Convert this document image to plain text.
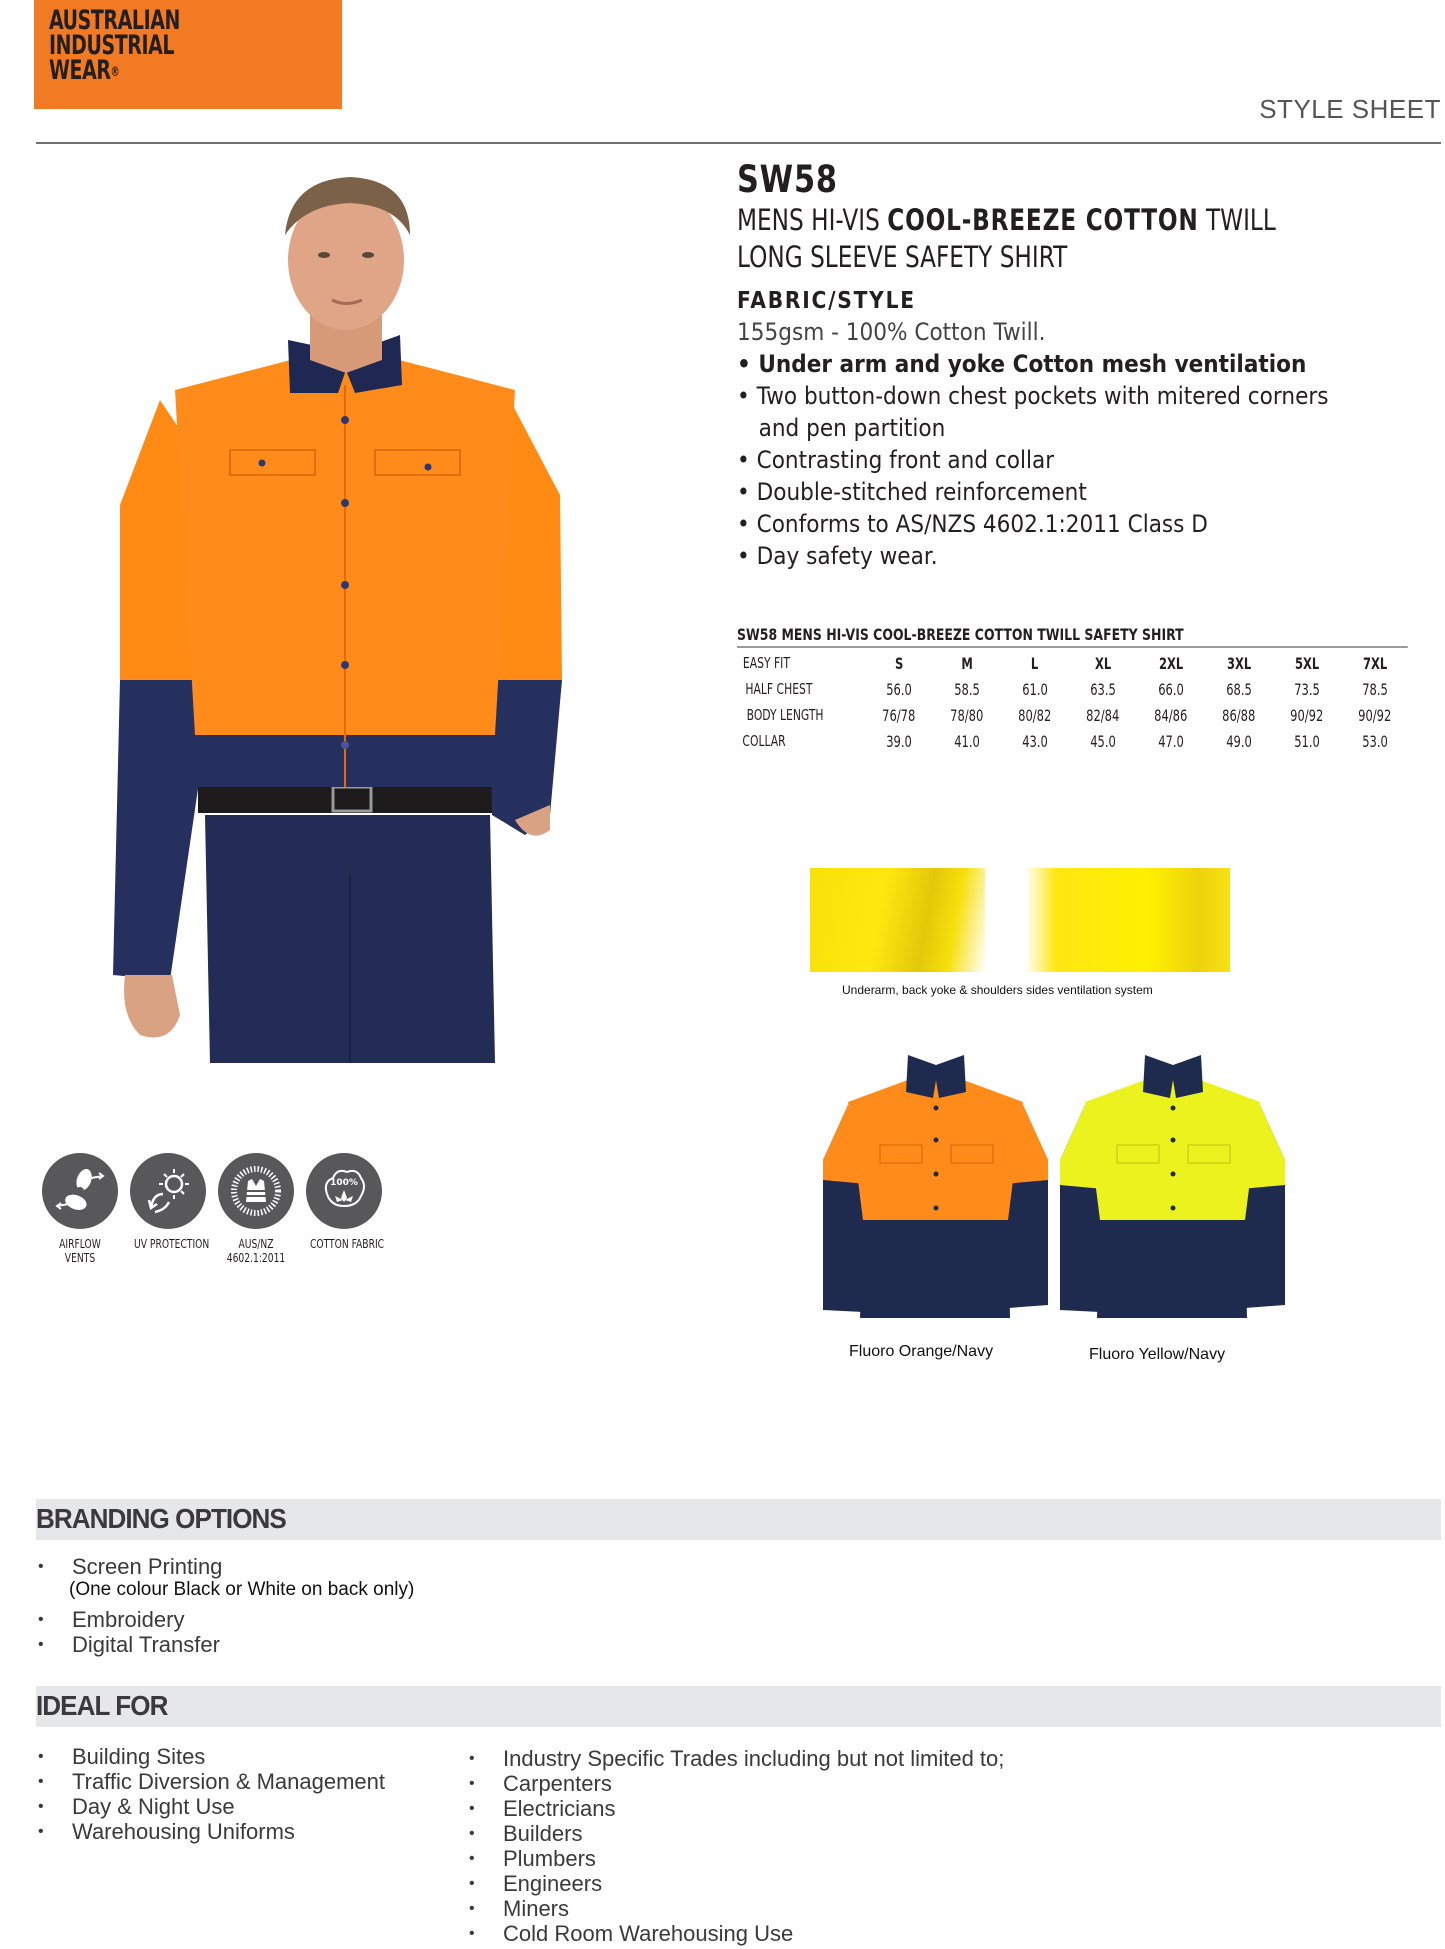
AUSTRALIAN
INDUSTRIAL
WEAR®
STYLE SHEET
SW58
MENS HI-VIS COOL-BREEZE COTTON TWILL
LONG SLEEVE SAFETY SHIRT
FABRIC/STYLE
155gsm - 100% Cotton Twill.
• Under arm and yoke Cotton mesh ventilation
• Two button-down chest pockets with mitered corners
and pen partition
• Contrasting front and collar
• Double-stitched reinforcement
• Conforms to AS/NZS 4602.1:2011 Class D
• Day safety wear.
SW58 MENS HI-VIS COOL-BREEZE COTTON TWILL SAFETY SHIRT
EASY FIT	S	M	L	XL	2XL	3XL	5XL	7XL
HALF CHEST	56.0	58.5	61.0	63.5	66.0	68.5	73.5	78.5
BODY LENGTH	76/78	78/80	80/82	82/84	84/86	86/88	90/92	90/92
COLLAR	39.0	41.0	43.0	45.0	47.0	49.0	51.0	53.0
Underarm, back yoke & shoulders sides ventilation system
Fluoro Orange/Navy	Fluoro Yellow/Navy
AIRFLOW
VENTS
UV PROTECTION	AUS/NZ
4602.1:2011
100%
COTTON FABRIC
BRANDING OPTIONS
• Screen Printing
(One colour Black or White on back only)
• Embroidery
• Digital Transfer
IDEAL FOR
• Building Sites
• Traffic Diversion & Management
• Day & Night Use
• Warehousing Uniforms
• Industry Specific Trades including but not limited to;
• Carpenters
• Electricians
• Builders
• Plumbers
• Engineers
• Miners
• Cold Room Warehousing Use
